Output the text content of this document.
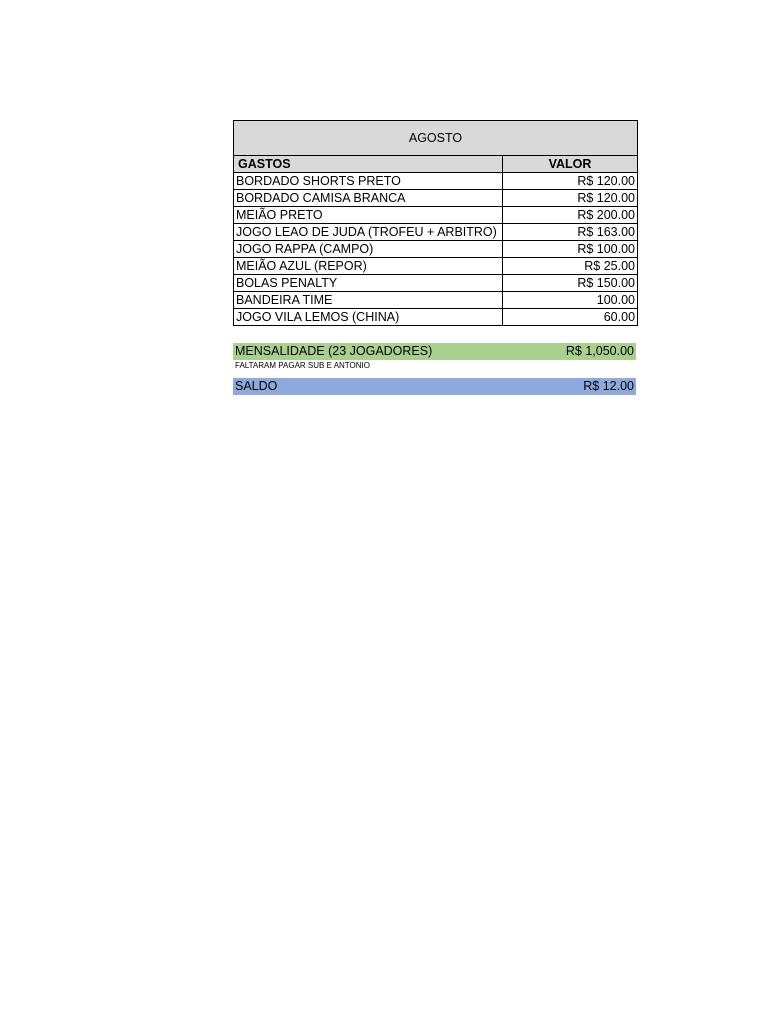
AGOSTO	
GASTOS	VALOR
BORDADO SHORTS PRETO	R$ 120.00
BORDADO CAMISA BRANCA	R$ 120.00
MEIÃO PRETO	R$ 200.00
JOGO LEAO DE JUDA (TROFEU + ARBITRO)	R$ 163.00
JOGO RAPPA (CAMPO)	R$ 100.00
MEIÃO AZUL (REPOR)	R$ 25.00
BOLAS PENALTY	R$ 150.00
BANDEIRA TIME	100.00
JOGO VILA LEMOS (CHINA)	60.00
MENSALIDADE (23 JOGADORES)	R$ 1,050.00
FALTARAM PAGAR SUB E ANTONIO
SALDO	R$ 12.00
